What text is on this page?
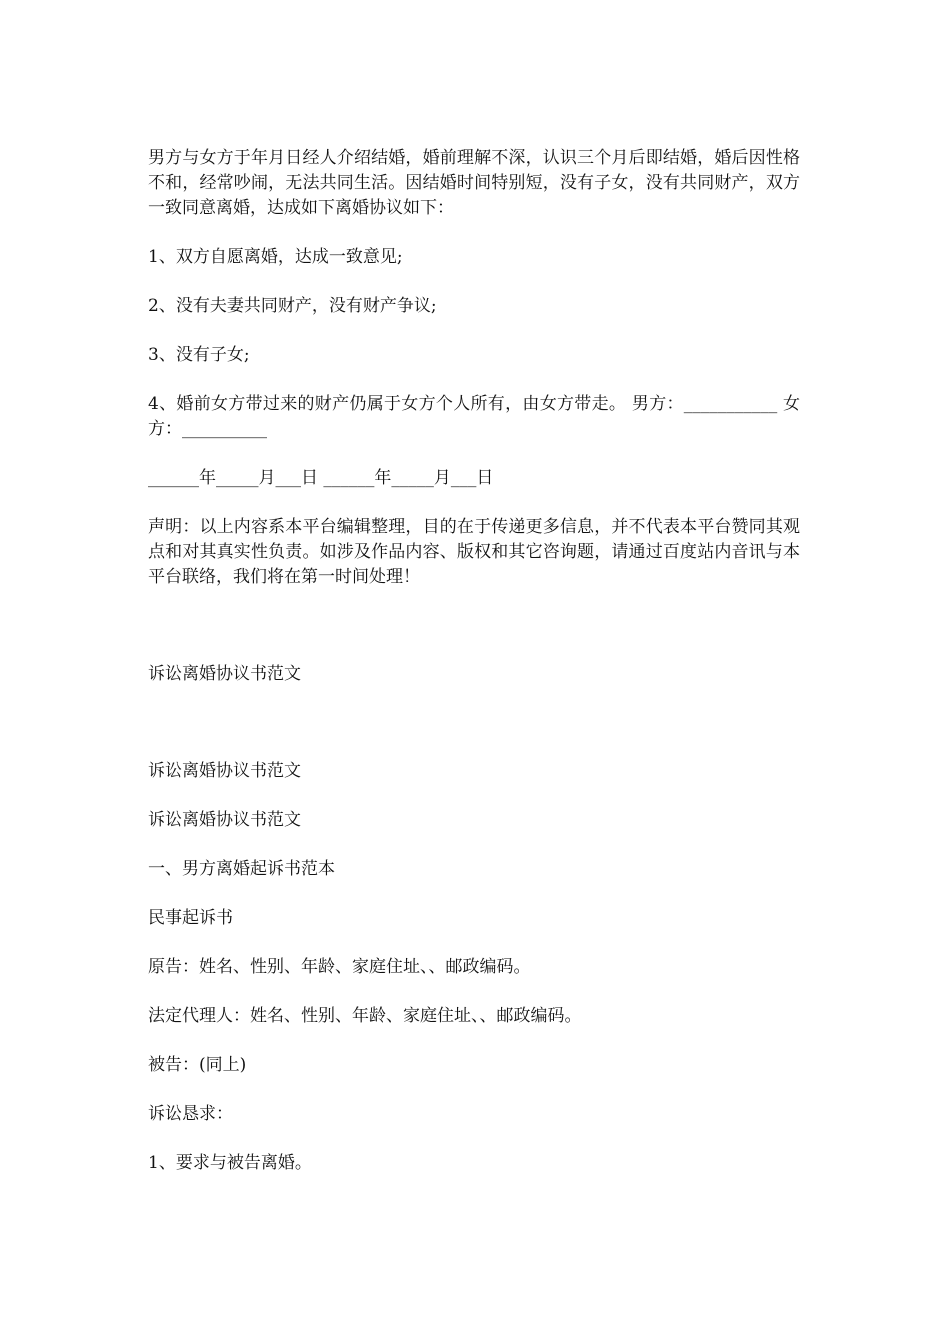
男方与女方于年月日经人介绍结婚，婚前理解不深，认识三个月后即结婚，婚后因性格不和，经常吵闹，无法共同生活。因结婚时间特别短，没有子女，没有共同财产，双方一致同意离婚，达成如下离婚协议如下：

1、双方自愿离婚，达成一致意见;

2、没有夫妻共同财产，没有财产争议;

3、没有子女;

4、婚前女方带过来的财产仍属于女方个人所有，由女方带走。 男方：___________ 女方：__________

______年_____月___日 ______年_____月___日

声明：以上内容系本平台编辑整理，目的在于传递更多信息，并不代表本平台赞同其观点和对其真实性负责。如涉及作品内容、版权和其它咨询题，请通过百度站内音讯与本平台联络，我们将在第一时间处理！

诉讼离婚协议书范文

诉讼离婚协议书范文

诉讼离婚协议书范文

一、男方离婚起诉书范本

民事起诉书

原告：姓名、性别、年龄、家庭住址、、邮政编码。

法定代理人：姓名、性别、年龄、家庭住址、、邮政编码。

被告：(同上)

诉讼恳求：

1、要求与被告离婚。
